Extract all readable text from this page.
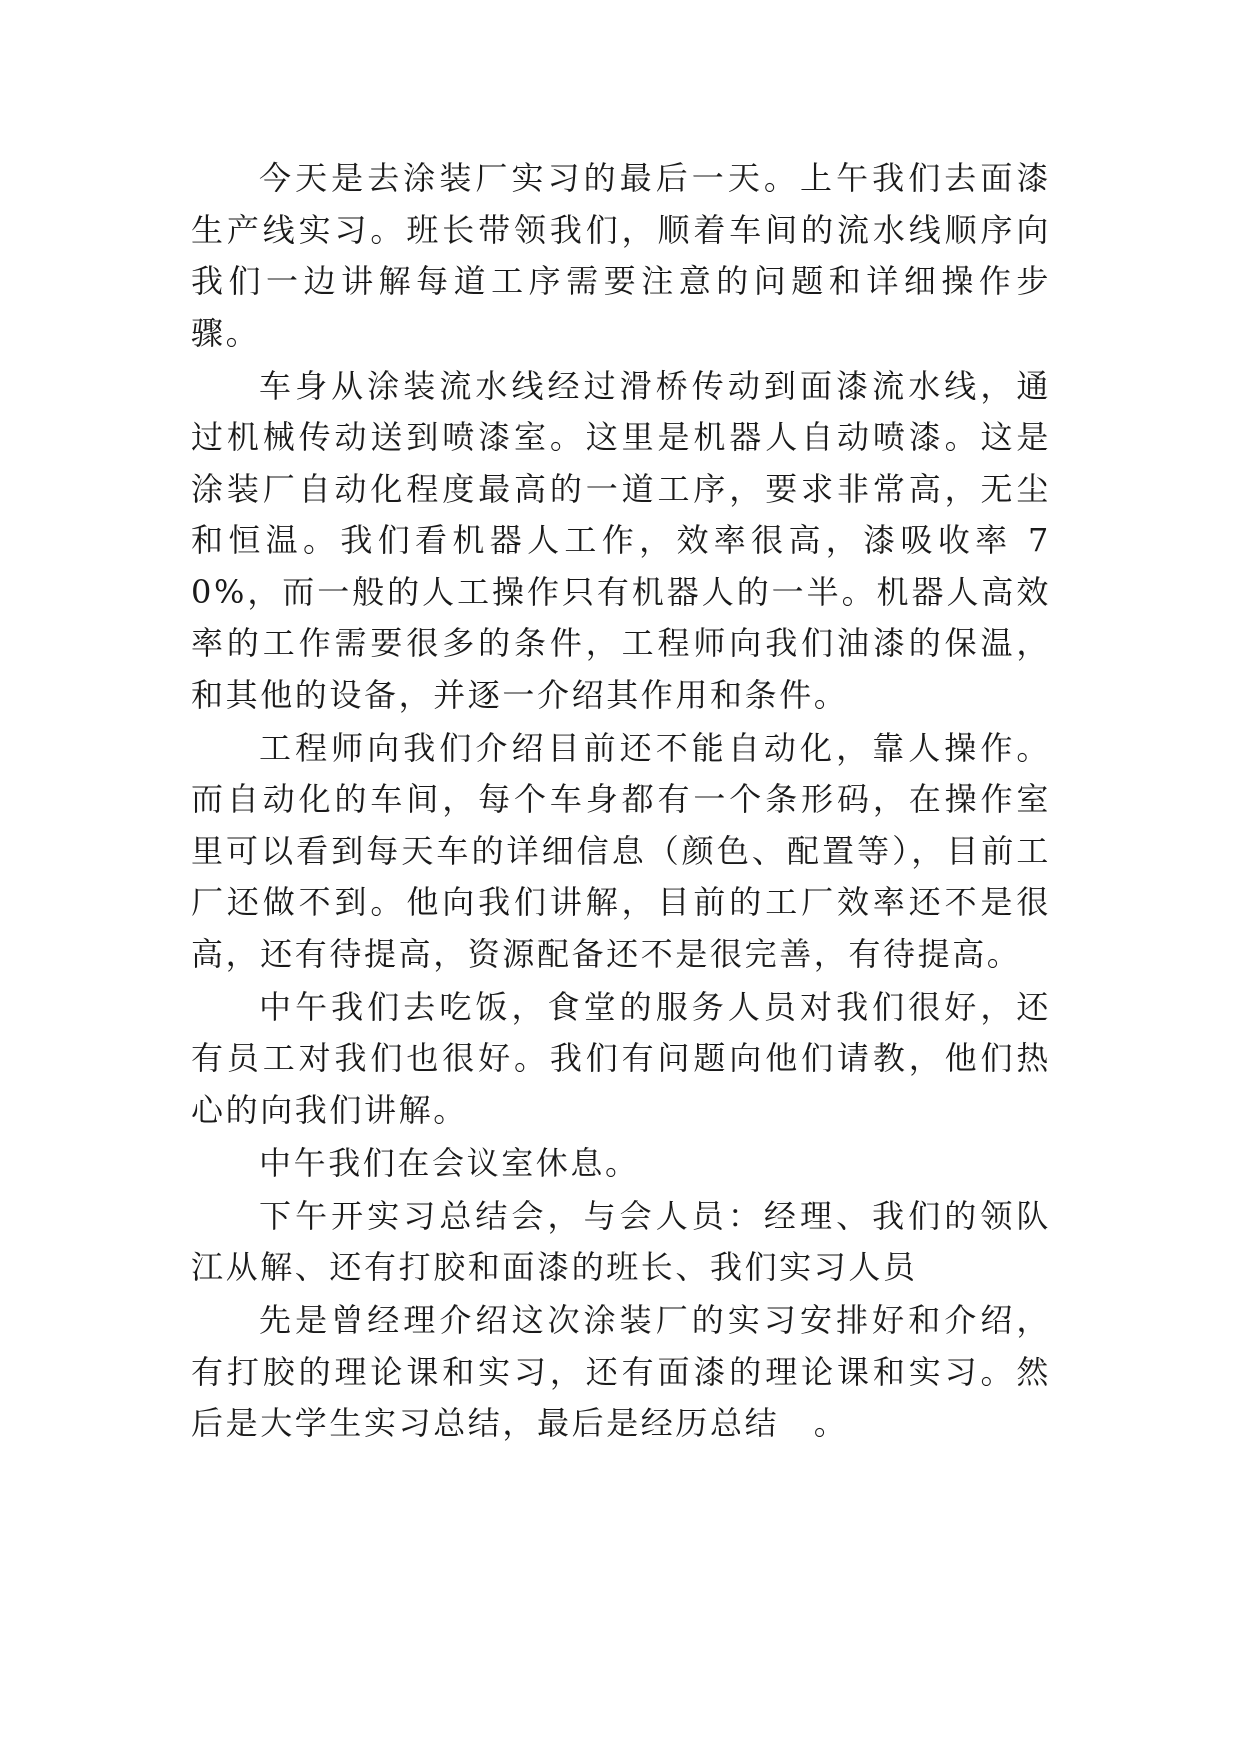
今天是去涂装厂实习的最后一天。上午我们去面漆生产线实习。班长带领我们，顺着车间的流水线顺序向我们一边讲解每道工序需要注意的问题和详细操作步骤。

车身从涂装流水线经过滑桥传动到面漆流水线，通过机械传动送到喷漆室。这里是机器人自动喷漆。这是涂装厂自动化程度最高的一道工序，要求非常高，无尘和恒温。我们看机器人工作，效率很高，漆吸收率 70%，而一般的人工操作只有机器人的一半。机器人高效率的工作需要很多的条件，工程师向我们油漆的保温，和其他的设备，并逐一介绍其作用和条件。

工程师向我们介绍目前还不能自动化，靠人操作。而自动化的车间，每个车身都有一个条形码，在操作室里可以看到每天车的详细信息（颜色、配置等），目前工厂还做不到。他向我们讲解，目前的工厂效率还不是很高，还有待提高，资源配备还不是很完善，有待提高。

中午我们去吃饭，食堂的服务人员对我们很好，还有员工对我们也很好。我们有问题向他们请教，他们热心的向我们讲解。

中午我们在会议室休息。

下午开实习总结会，与会人员：经理、我们的领队江从解、还有打胶和面漆的班长、我们实习人员

先是曾经理介绍这次涂装厂的实习安排好和介绍，有打胶的理论课和实习，还有面漆的理论课和实习。然后是大学生实习总结，最后是经历总结　。
